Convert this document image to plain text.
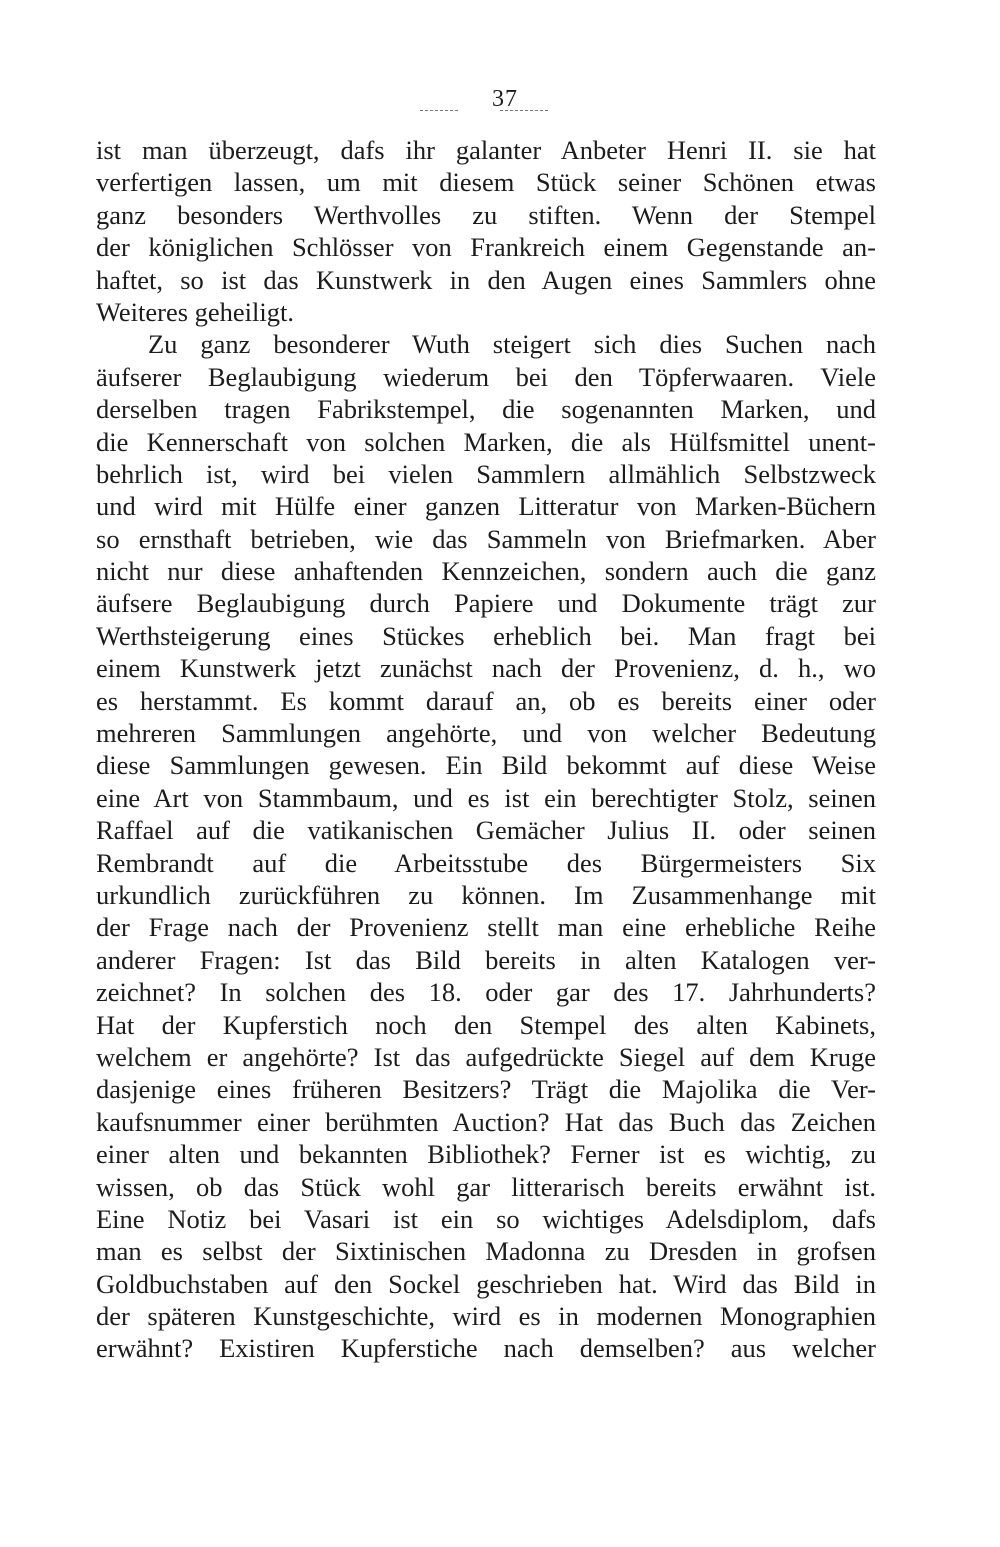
37
ist man überzeugt, dafs ihr galanter Anbeter Henri II. sie hat
verfertigen lassen, um mit diesem Stück seiner Schönen etwas
ganz besonders Werthvolles zu stiften. Wenn der Stempel
der königlichen Schlösser von Frankreich einem Gegenstande an-
haftet, so ist das Kunstwerk in den Augen eines Sammlers ohne
Weiteres geheiligt.
Zu ganz besonderer Wuth steigert sich dies Suchen nach
äufserer Beglaubigung wiederum bei den Töpferwaaren. Viele
derselben tragen Fabrikstempel, die sogenannten Marken, und
die Kennerschaft von solchen Marken, die als Hülfsmittel unent-
behrlich ist, wird bei vielen Sammlern allmählich Selbstzweck
und wird mit Hülfe einer ganzen Litteratur von Marken-Büchern
so ernsthaft betrieben, wie das Sammeln von Briefmarken. Aber
nicht nur diese anhaftenden Kennzeichen, sondern auch die ganz
äufsere Beglaubigung durch Papiere und Dokumente trägt zur
Werthsteigerung eines Stückes erheblich bei. Man fragt bei
einem Kunstwerk jetzt zunächst nach der Provenienz, d. h., wo
es herstammt. Es kommt darauf an, ob es bereits einer oder
mehreren Sammlungen angehörte, und von welcher Bedeutung
diese Sammlungen gewesen. Ein Bild bekommt auf diese Weise
eine Art von Stammbaum, und es ist ein berechtigter Stolz, seinen
Raffael auf die vatikanischen Gemächer Julius II. oder seinen
Rembrandt auf die Arbeitsstube des Bürgermeisters Six
urkundlich zurückführen zu können. Im Zusammenhange mit
der Frage nach der Provenienz stellt man eine erhebliche Reihe
anderer Fragen: Ist das Bild bereits in alten Katalogen ver-
zeichnet? In solchen des 18. oder gar des 17. Jahrhunderts?
Hat der Kupferstich noch den Stempel des alten Kabinets,
welchem er angehörte? Ist das aufgedrückte Siegel auf dem Kruge
dasjenige eines früheren Besitzers? Trägt die Majolika die Ver-
kaufsnummer einer berühmten Auction? Hat das Buch das Zeichen
einer alten und bekannten Bibliothek? Ferner ist es wichtig, zu
wissen, ob das Stück wohl gar litterarisch bereits erwähnt ist.
Eine Notiz bei Vasari ist ein so wichtiges Adelsdiplom, dafs
man es selbst der Sixtinischen Madonna zu Dresden in grofsen
Goldbuchstaben auf den Sockel geschrieben hat. Wird das Bild in
der späteren Kunstgeschichte, wird es in modernen Monographien
erwähnt? Existiren Kupferstiche nach demselben? aus welcher
